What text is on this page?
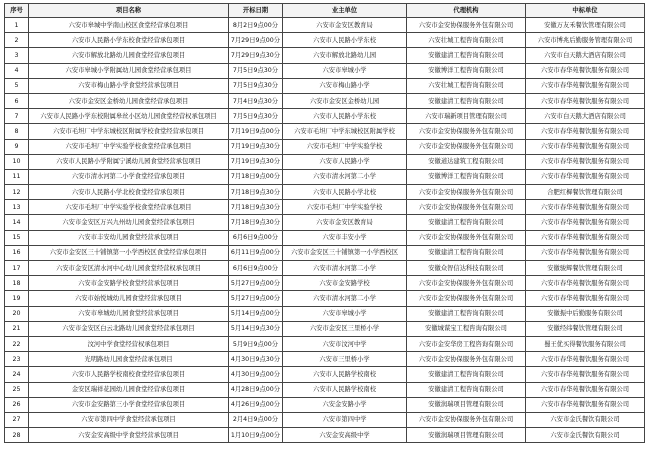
序号	项目名称	开标日期	业主单位	代理机构	中标单位
1	六安市皋城中学南山校区食堂经营承包项目	8月2日9点00分	六安市金安区教育局	六安市金安协保服务外包有限公司	安徽万友禾餐饮管理有限公司
2	六安市人民路小学东校食堂经营承包项目	7月29日9点00分	六安市人民路小学东校	六安壮城工程咨询有限公司	六安市博兆后勤服务管理有限公司
3	六安市解放北路幼儿园食堂经营承包项目	7月29日9点30分	六安市解放北路幼儿园	安徽建清工程咨询有限公司	六安市白天鹅大酒店有限公司
4	六安市皋城小学附属幼儿园食堂经营承包项目	7月5日9点30分	六安市皋城小学	安徽博洋工程咨询有限公司	六安市春华苑餐饮服务有限公司
5	六安市梅山路小学食堂经营承包项目	7月5日9点30分	六安市梅山路小学	六安壮城工程咨询有限公司	六安市春华苑餐饮服务有限公司
6	六安市金安区金桥幼儿园食堂经营承包项目	7月4日9点30分	六安市金安区金桥幼儿园	安徽建清工程咨询有限公司	六安市春华苑餐饮服务有限公司
7	六安市人民路小学东校附属皋丝小区幼儿园食堂经营权承包项目	7月5日9点30分	六安市人民路小学东校	六安市瑞新项目管理有限公司	六安市白天鹅大酒店有限公司
8	六安市毛坦厂中学东城校区附属学校食堂经营承包项目	7月19日9点00分	六安市毛坦厂中学东城校区附属学校	六安市金安协保服务外包有限公司	六安市春华苑餐饮服务有限公司
9	六安市毛坦厂中学实验学校食堂经营承包项目	7月19日9点30分	六安市毛坦厂中学实验学校	六安市金安协保服务外包有限公司	六安市春华苑餐饮服务有限公司
10	六安市人民路小学附属宁溪幼儿园食堂经营承包项目	7月19日9点30分	六安市人民路小学	安徽道达建筑工程有限公司	六安市春华苑餐饮服务有限公司
11	六安市清水河第二小学食堂经营承包项目	7月18日9点00分	六安市清水河第二小学	安徽博洋工程咨询有限公司	六安市春华苑餐饮服务有限公司
12	六安市人民路小学北校食堂经营承包项目	7月18日9点30分	六安市人民路小学北校	六安市金安协保服务外包有限公司	合肥红樨餐饮管理有限公司
13	六安市毛坦厂中学实验学校食堂经营承包项目	7月18日9点30分	六安市毛坦厂中学实验学校	六安市金安协保服务外包有限公司	六安市春华苑餐饮服务有限公司
14	六安市金安区万兴九州幼儿园食堂经营承包项目	7月18日9点30分	六安市金安区教育局	安徽建清工程咨询有限公司	六安市春华苑餐饮服务有限公司
15	六安市丰安幼儿园食堂经营承包项目	6月6日9点00分	六安市丰安小学	六安市金安协保服务外包有限公司	六安市春华苑餐饮服务有限公司
16	六安市金安区三十铺镇第一小学西校区食堂经营承包项目	6月11日9点00分	六安市金安区三十铺镇第一小学西校区	安徽建清工程咨询有限公司	六安市春华苑餐饮服务有限公司
17	六安市金安区清水河中心幼儿园食堂经营权承包项目	6月6日9点00分	六安市清水河第二小学	安徽众智信达科技有限公司	安徽骏辉餐饮管理有限公司
18	六安市金安路学校食堂经营承包项目	5月27日9点00分	六安市金安路学校	六安市金安协保服务外包有限公司	六安市春华苑餐饮服务有限公司
19	六安市始悦城幼儿园食堂经营承包项目	5月27日9点00分	六安市清水河第二小学	六安市金安协保服务外包有限公司	六安市春华苑餐饮服务有限公司
20	六安市皋城幼儿园食堂经营承包项目	5月14日9点00分	六安市皋城小学	安徽建清工程咨询有限公司	安徽振中后勤服务有限公司
21	六安市金安区白云北路幼儿园食堂经营承包项目	5月14日9点30分	六安市金安区三里桥小学	安徽城谋宝工程咨询有限公司	安徽经纬餐饮管理有限公司
22	汶河中学食堂经营权承包项目	5月9日9点00分	六安市汶河中学	六安市金安华房工程咨询有限公司	蜀王优买得餐饮服务有限公司
23	光明路幼儿园食堂经营承包项目	4月30日9点30分	六安市三里桥小学	六安市金安协保服务外包有限公司	六安市春华苑餐饮服务有限公司
24	六安市人民路学校南校食堂经营承包项目	4月30日9点00分	六安市人民路学校南校	安徽建清工程咨询有限公司	六安市春华苑餐饮服务有限公司
25	金安区瑞祥花园幼儿园食堂经营承包项目	4月28日9点00分	六安市人民路学校南校	安徽建清工程咨询有限公司	六安市春华苑餐饮服务有限公司
26	六安市金安路第三小学食堂经营承包项目	4月26日9点00分	六安金安路小学	安徽润瑞项目管理有限公司	六安市春华苑餐饮服务有限公司
27	六安市第四中学食堂经营承包项目	2月4日9点00分	六安市第四中学	六安市金安协保服务外包有限公司	六安市金氏餐饮有限公司
28	六安金安高级中学食堂经营承包项目	1月10日9点00分	六安金安高级中学	安徽润瑞项目管理有限公司	六安市金氏餐饮有限公司
